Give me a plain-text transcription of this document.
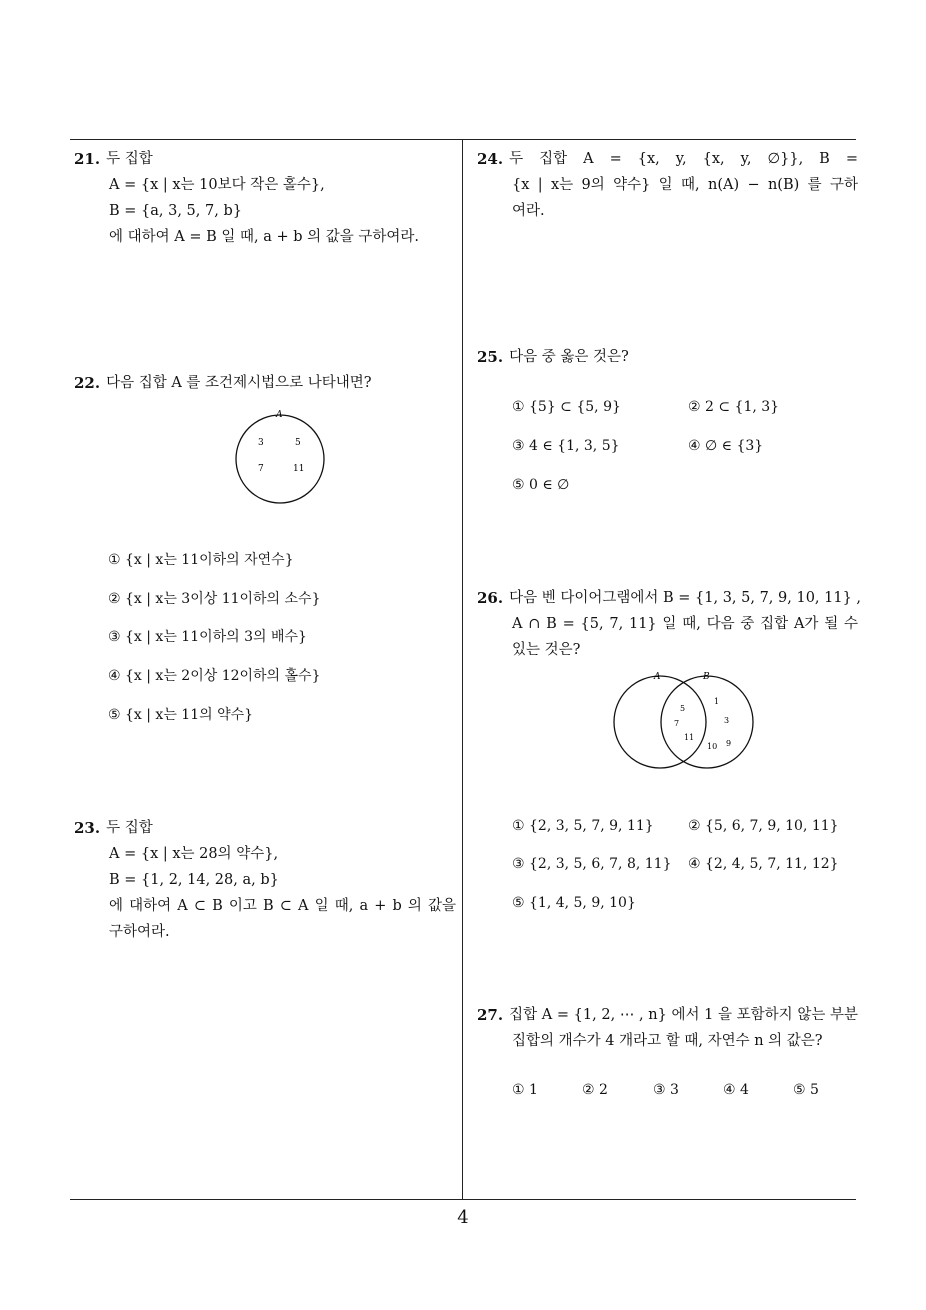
21. 두 집합
A = {x | x는 10보다 작은 홀수},
B = {a, 3, 5, 7, b}
에 대하여 A = B 일 때, a + b 의 값을 구하여라.
22. 다음 집합 A 를 조건제시법으로 나타내면?
A
3	5
7	11
① {x | x는 11이하의 자연수}
② {x | x는 3이상 11이하의 소수}
③ {x | x는 11이하의 3의 배수}
④ {x | x는 2이상 12이하의 홀수}
⑤ {x | x는 11의 약수}
23. 두 집합
A = {x | x는 28의 약수},
B = {1, 2, 14, 28, a, b}
에 대하여 A ⊂ B 이고 B ⊂ A 일 때, a + b 의 값을
구하여라.
24. 두 집합 A = {x, y, {x, y, ∅}}, B =
{x | x는 9의 약수} 일 때, n(A) − n(B) 를 구하
여라.
25. 다음 중 옳은 것은?
① {5} ⊂ {5, 9}	② 2 ⊂ {1, 3}
③ 4 ∈ {1, 3, 5}	④ ∅ ∈ {3}
⑤ 0 ∈ ∅
26. 다음 벤 다이어그램에서 B = {1, 3, 5, 7, 9, 10, 11} ,
A ∩ B = {5, 7, 11} 일 때, 다음 중 집합 A가 될 수
있는 것은?
A	B
5
7
11
1
3
10 9
① {2, 3, 5, 7, 9, 11} ② {5, 6, 7, 9, 10, 11}
③ {2, 3, 5, 6, 7, 8, 11} ④ {2, 4, 5, 7, 11, 12}
⑤ {1, 4, 5, 9, 10}
27. 집합 A = {1, 2, ⋯ , n} 에서 1 을 포함하지 않는 부분
집합의 개수가 4 개라고 할 때, 자연수 n 의 값은?
① 1	② 2	③ 3	④ 4	⑤ 5
4
